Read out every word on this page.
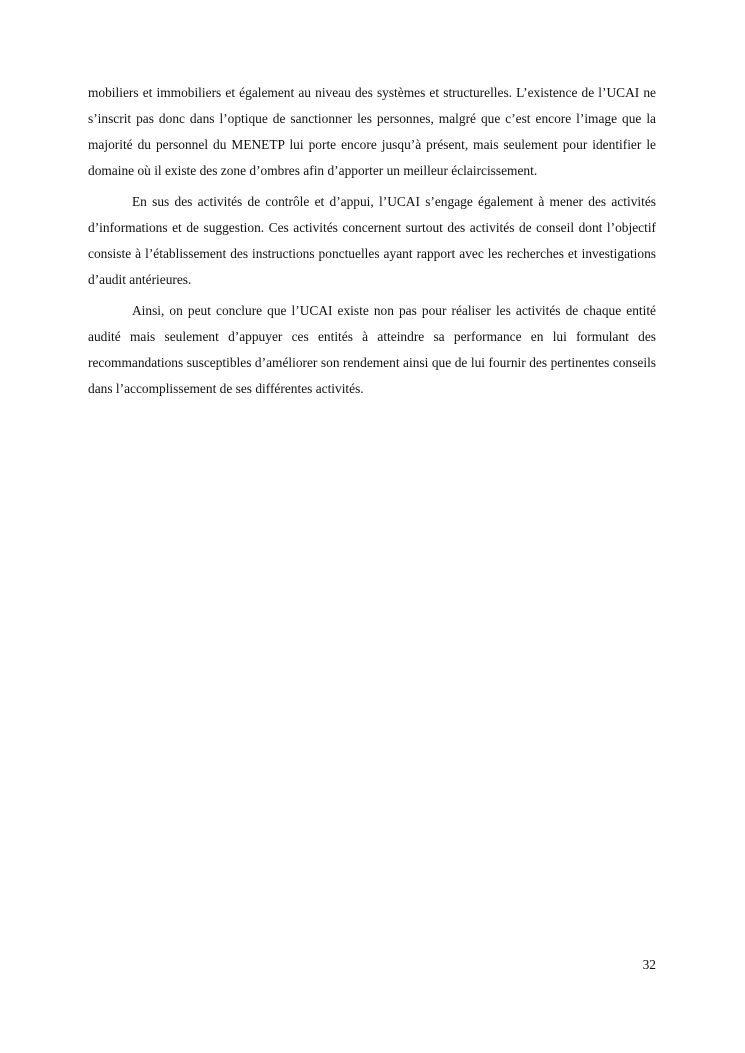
mobiliers et immobiliers et également au niveau des systèmes et structurelles. L’existence de l’UCAI ne s’inscrit pas donc dans l’optique de sanctionner les personnes, malgré que c’est encore l’image que la majorité du personnel du MENETP lui porte encore jusqu’à présent, mais seulement pour identifier le domaine où il existe des zone d’ombres afin d’apporter un meilleur éclaircissement.

En sus des activités de contrôle et d’appui, l’UCAI s’engage également à mener des activités d’informations et de suggestion. Ces activités concernent surtout des activités de conseil dont l’objectif consiste à l’établissement des instructions ponctuelles ayant rapport avec les recherches et investigations d’audit antérieures.

Ainsi, on peut conclure que l’UCAI existe non pas pour réaliser les activités de chaque entité audité mais seulement d’appuyer ces entités à atteindre sa performance en lui formulant des recommandations susceptibles d’améliorer son rendement ainsi que de lui fournir des pertinentes conseils dans l’accomplissement de ses différentes activités.

32
